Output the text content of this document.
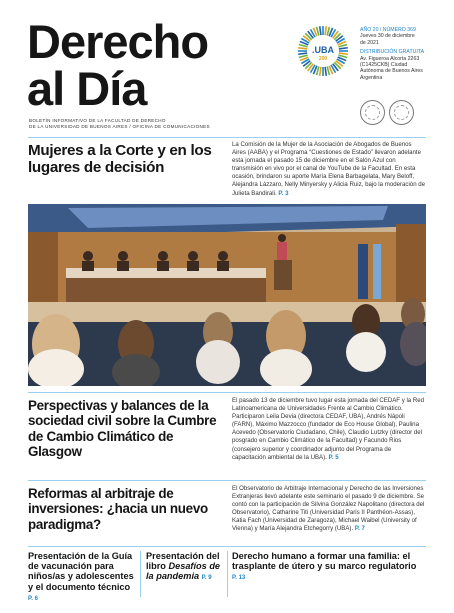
Derecho
al Día
BOLETÍN INFORMATIVO DE LA FACULTAD DE DERECHO
DE LA UNIVERSIDAD DE BUENOS AIRES / OFICINA DE COMUNICACIONES
.UBA
200
AÑO 20 / NÚMERO 369
Jueves 30 de diciembre
de 2021
DISTRIBUCIÓN GRATUITA
Av. Figueroa Alcorta 2263
(C1425CKB) Ciudad
Autónoma de Buenos Aires
Argentina
Mujeres a la Corte y en los lugares de decisión
La Comisión de la Mujer de la Asociación de Abogados de Buenos Aires (AABA) y el Programa “Cuestiones de Estado” llevaron adelante esta jornada el pasado 15 de diciembre en el Salón Azul con transmisión en vivo por el canal de YouTube de la Facultad. En esta ocasión, brindaron su aporte María Elena Barbagelata, Mary Beloff, Alejandra Lázzaro, Nelly Minyersky y Alicia Ruiz, bajo la moderación de Julieta Bandirali. P. 3
Perspectivas y balances de la sociedad civil sobre la Cumbre de Cambio Climático de Glasgow
El pasado 13 de diciembre tuvo lugar esta jornada del CEDAF y la Red Latinoamericana de Universidades Frente al Cambio Climático. Participaron Leila Devia (directora CEDAF, UBA), Andrés Nápoli (FARN), Máximo Mazzocco (fundador de Eco House Global), Paulina Acevedo (Observatorio Ciudadano, Chile), Claudio Lutzky (director del posgrado en Cambio Climático de la Facultad) y Facundo Rios (consejero superior y coordinador adjunto del Programa de capacitación ambiental de la UBA). P. 5
Reformas al arbitraje de inversiones: ¿hacia un nuevo paradigma?
El Observatorio de Arbitraje Internacional y Derecho de las Inversiones Extranjeras llevó adelante este seminario el pasado 9 de diciembre. Se contó con la participación de Silvina González Napolitano (directora del Observatorio), Catharine Titi (Universidad Paris II Panthéon-Assas), Katia Fach (Universidad de Zaragoza), Michael Waibel (University of Vienna) y María Alejandra Etchegorry (UBA). P. 7
Presentación de la Guía de vacunación para niños/as y adolescentes y el documento técnico P. 6
Presentación del libro Desafíos de la pandemia P. 9
Derecho humano a formar una familia: el trasplante de útero y su marco regulatorio P. 13
